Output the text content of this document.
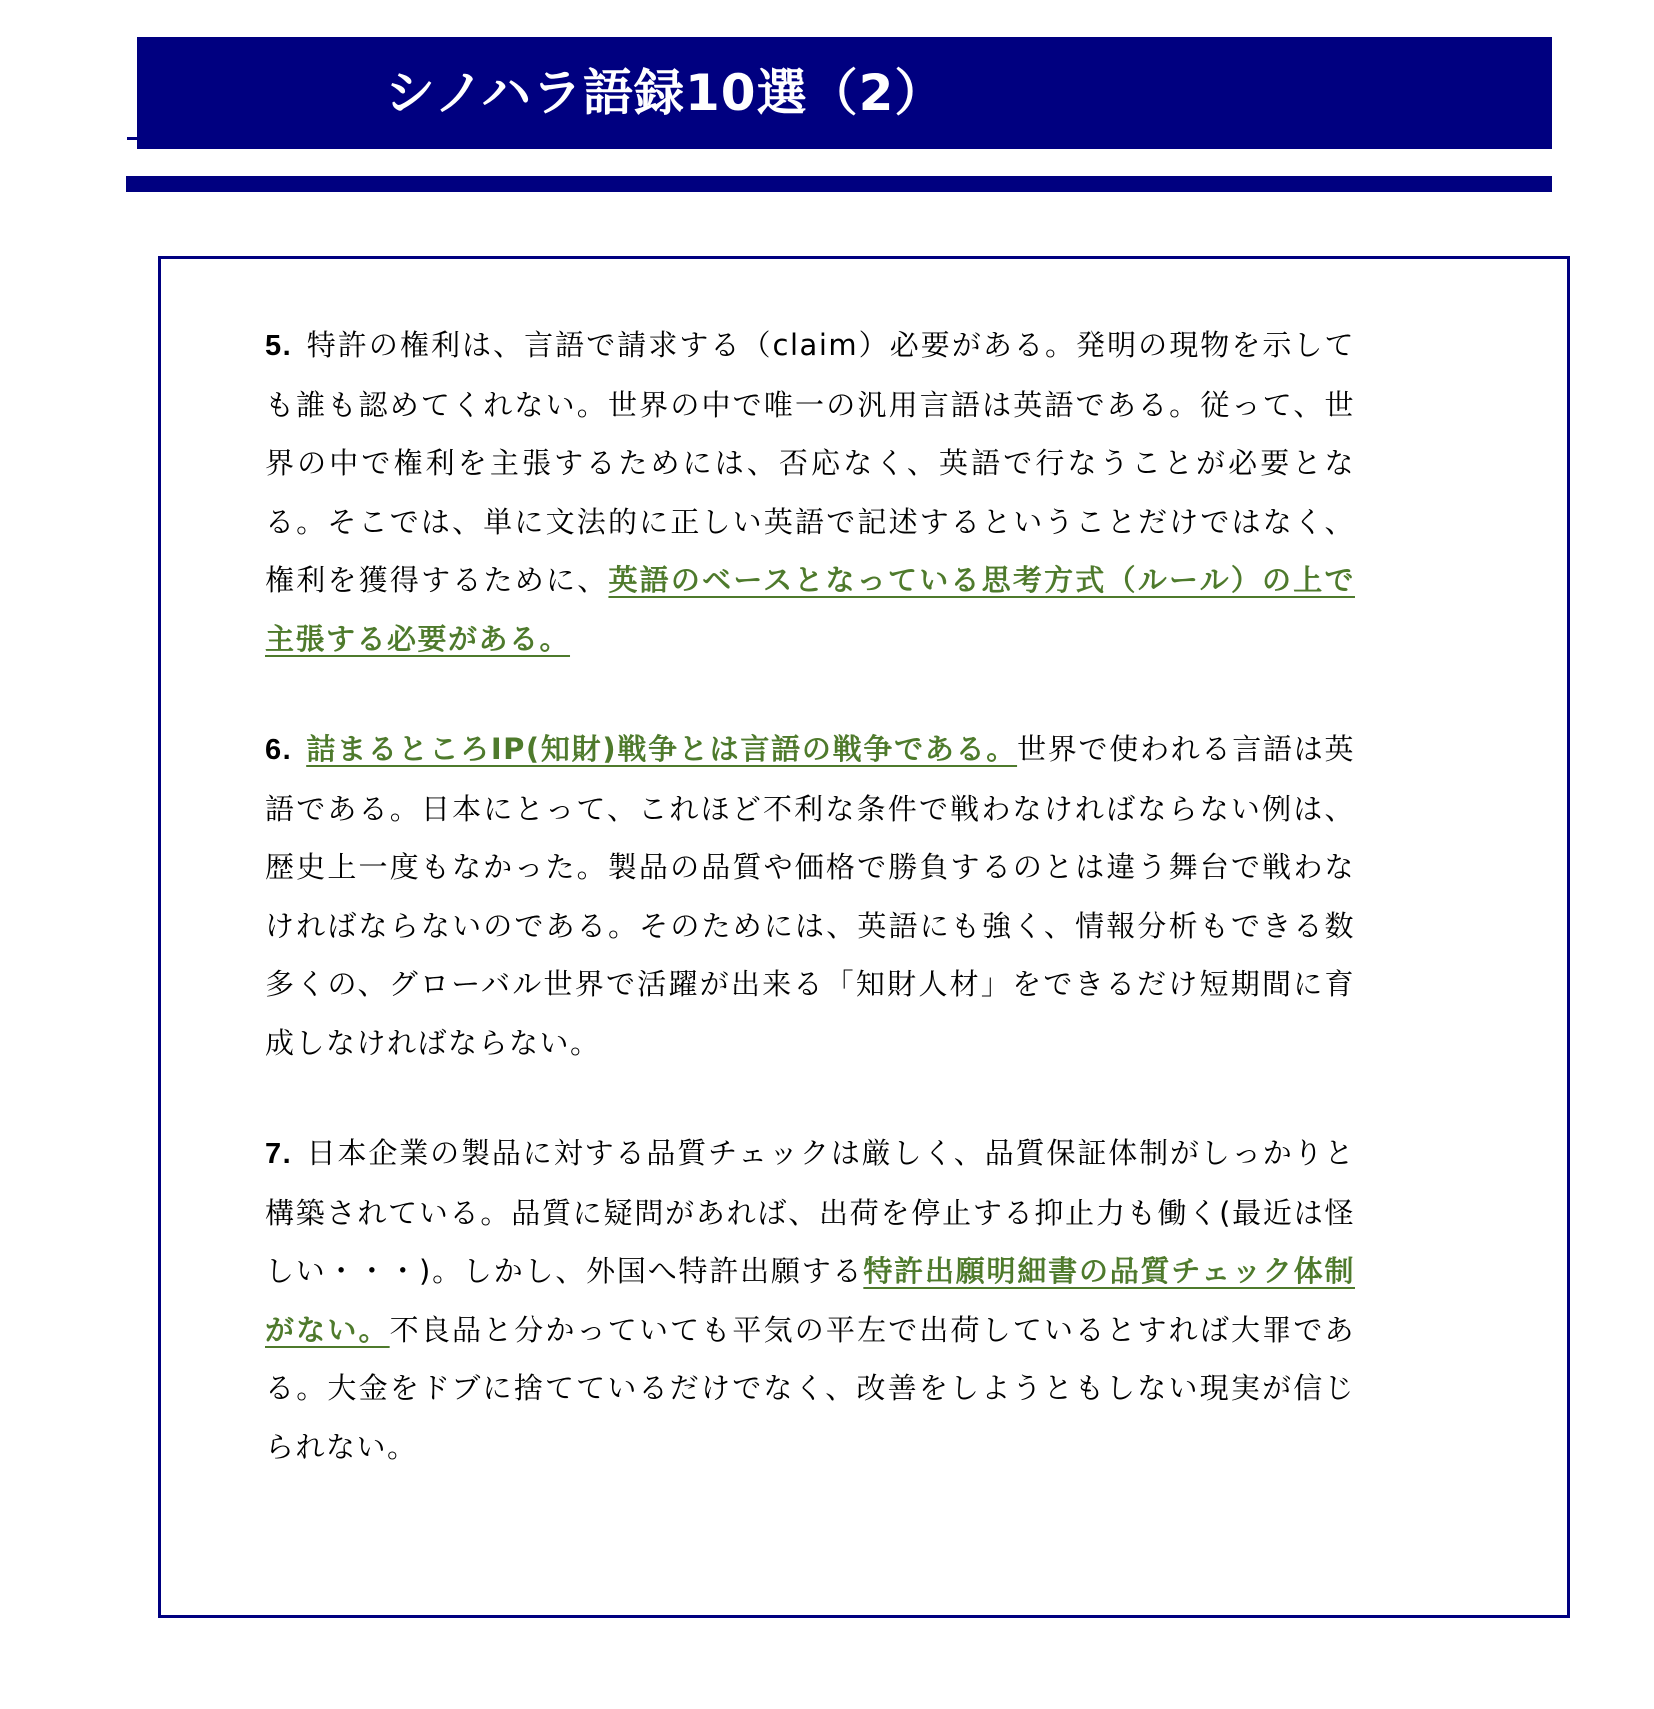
シノハラ語録10選（2）

5. 特許の権利は、言語で請求する（claim）必要がある。発明の現物を示しても誰も認めてくれない。世界の中で唯一の汎用言語は英語である。従って、世界の中で権利を主張するためには、否応なく、英語で行なうことが必要となる。そこでは、単に文法的に正しい英語で記述するということだけではなく、権利を獲得するために、英語のベースとなっている思考方式（ルール）の上で主張する必要がある。

6. 詰まるところIP(知財)戦争とは言語の戦争である。世界で使われる言語は英語である。日本にとって、これほど不利な条件で戦わなければならない例は、歴史上一度もなかった。製品の品質や価格で勝負するのとは違う舞台で戦わなければならないのである。そのためには、英語にも強く、情報分析もできる数多くの、グローバル世界で活躍が出来る「知財人材」をできるだけ短期間に育成しなければならない。

7. 日本企業の製品に対する品質チェックは厳しく、品質保証体制がしっかりと構築されている。品質に疑問があれば、出荷を停止する抑止力も働く(最近は怪しい・・・)。しかし、外国へ特許出願する特許出願明細書の品質チェック体制がない。不良品と分かっていても平気の平左で出荷しているとすれば大罪である。大金をドブに捨てているだけでなく、改善をしようともしない現実が信じられない。
